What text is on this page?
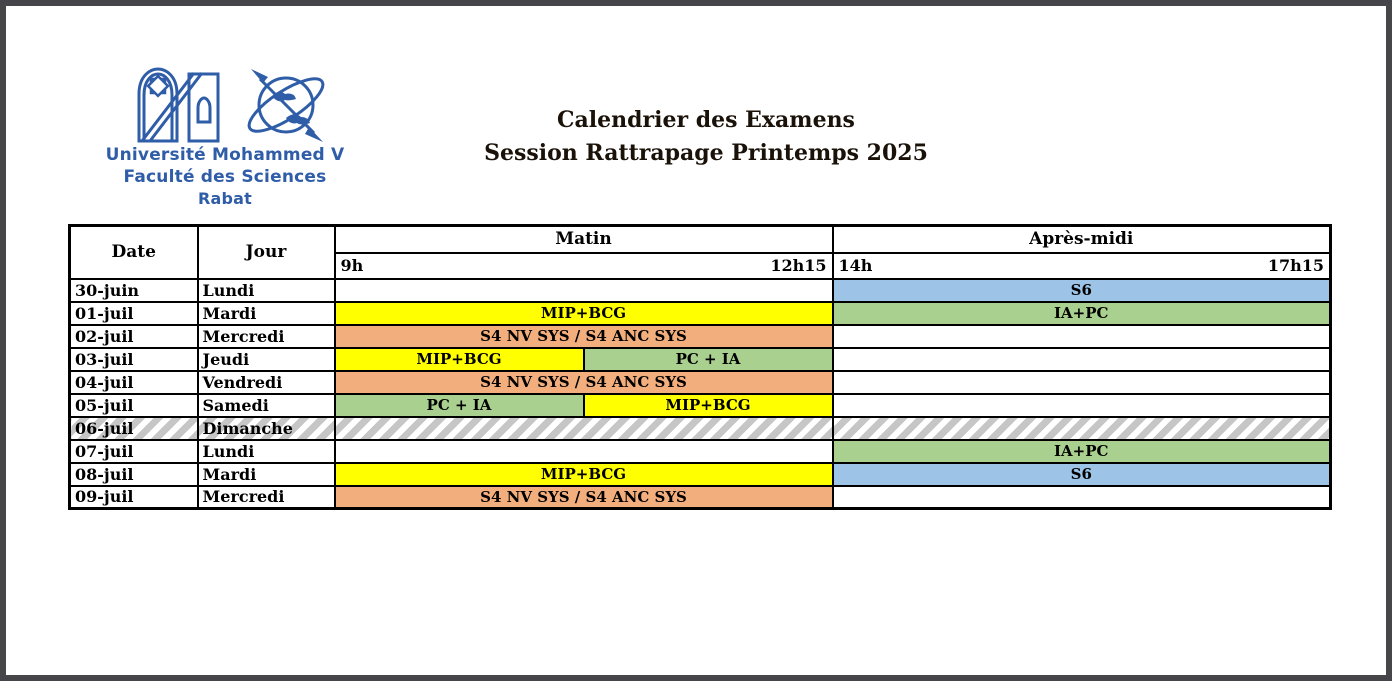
Université Mohammed V
Faculté des Sciences
Rabat
Calendrier des Examens
Session Rattrapage Printemps 2025
Date	Jour	Matin		Après-midi

		9h 12h15		14h 17h15

30-juin	Lundi			S6
01-juil	Mardi	MIP+BCG		IA+PC
02-juil	Mercredi	S4 NV SYS / S4 ANC SYS		
03-juil	Jeudi	MIP+BCG	PC + IA	
04-juil	Vendredi	S4 NV SYS / S4 ANC SYS		
05-juil	Samedi	PC + IA	MIP+BCG	
06-juil	Dimanche			
07-juil	Lundi			IA+PC
08-juil	Mardi	MIP+BCG		S6
09-juil	Mercredi	S4 NV SYS / S4 ANC SYS		
